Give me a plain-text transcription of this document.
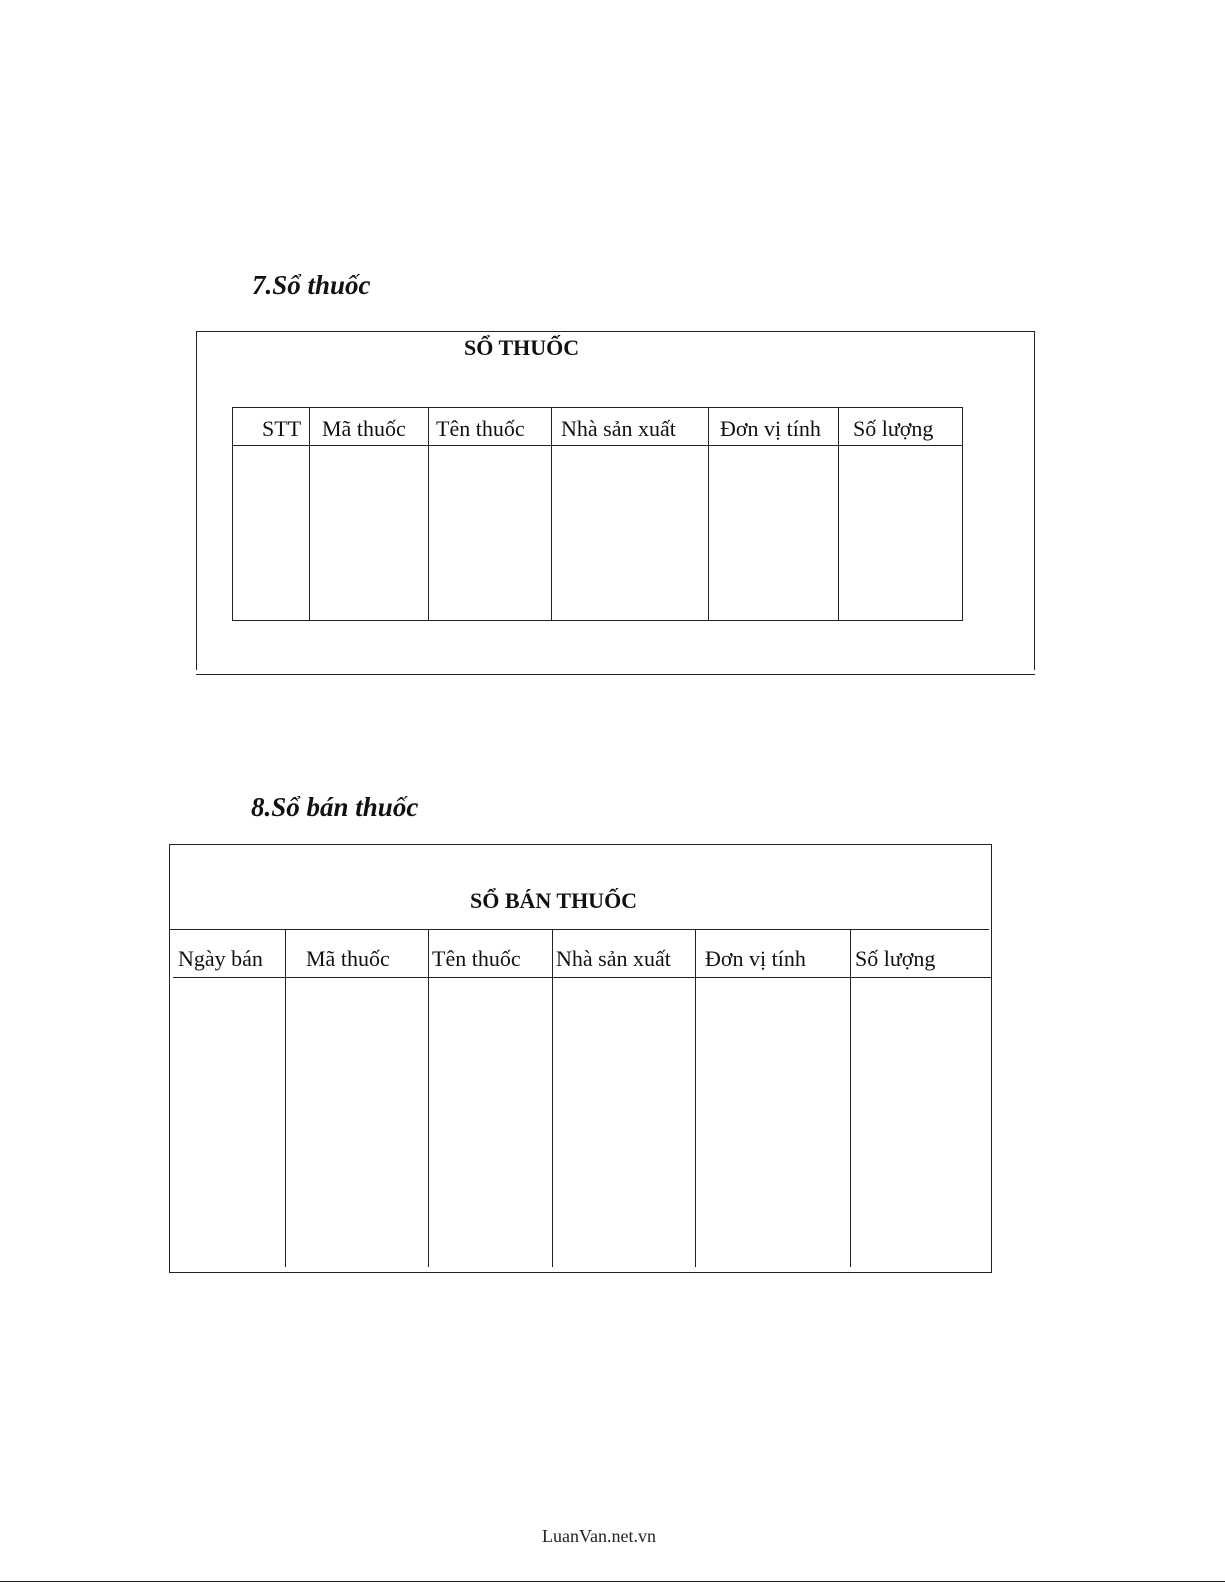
7.Sổ thuốc
SỔ THUỐC
STT Mã thuốc Tên thuốc Nhà sản xuất Đơn vị tính Số lượng
8.Sổ bán thuốc
SỔ BÁN THUỐC
Ngày bán Mã thuốc Tên thuốc Nhà sản xuất Đơn vị tính Số lượng
LuanVan.net.vn
